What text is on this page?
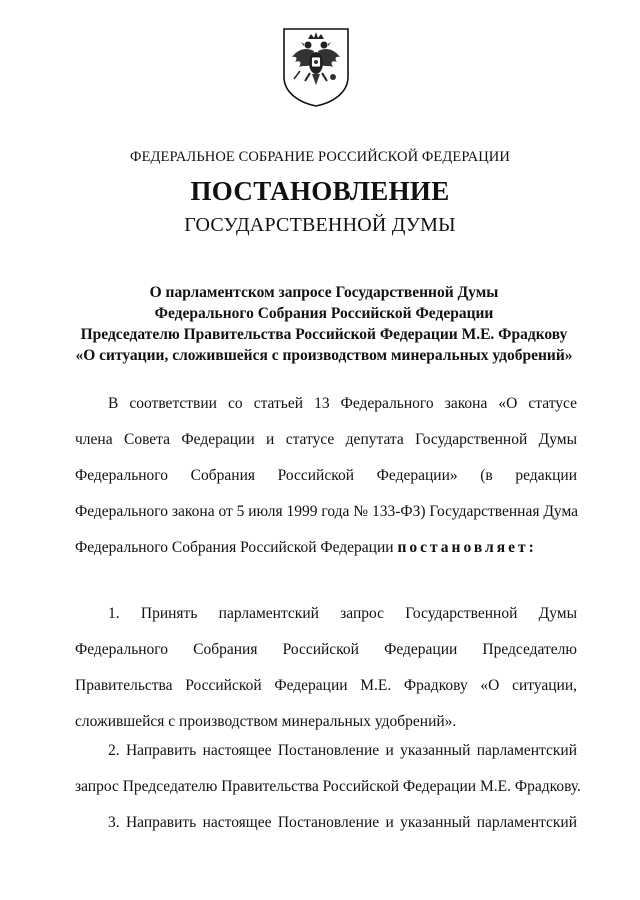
ФЕДЕРАЛЬНОЕ СОБРАНИЕ РОССИЙСКОЙ ФЕДЕРАЦИИ
ПОСТАНОВЛЕНИЕ
ГОСУДАРСТВЕННОЙ ДУМЫ
О парламентском запросе Государственной Думы
Федерального Собрания Российской Федерации
Председателю Правительства Российской Федерации М.Е. Фрадкову
«О ситуации, сложившейся с производством минеральных удобрений»
В соответствии со статьей 13 Федерального закона «О статусе
члена Совета Федерации и статусе депутата Государственной Думы
Федерального Собрания Российской Федерации» (в редакции
Федерального закона от 5 июля 1999 года № 133-ФЗ) Государственная Дума
Федерального Собрания Российской Федерации постановляет:
1. Принять парламентский запрос Государственной Думы
Федерального Собрания Российской Федерации Председателю
Правительства Российской Федерации М.Е. Фрадкову «О ситуации,
сложившейся с производством минеральных удобрений».
2. Направить настоящее Постановление и указанный парламентский
запрос Председателю Правительства Российской Федерации М.Е. Фрадкову.
3. Направить настоящее Постановление и указанный парламентский
